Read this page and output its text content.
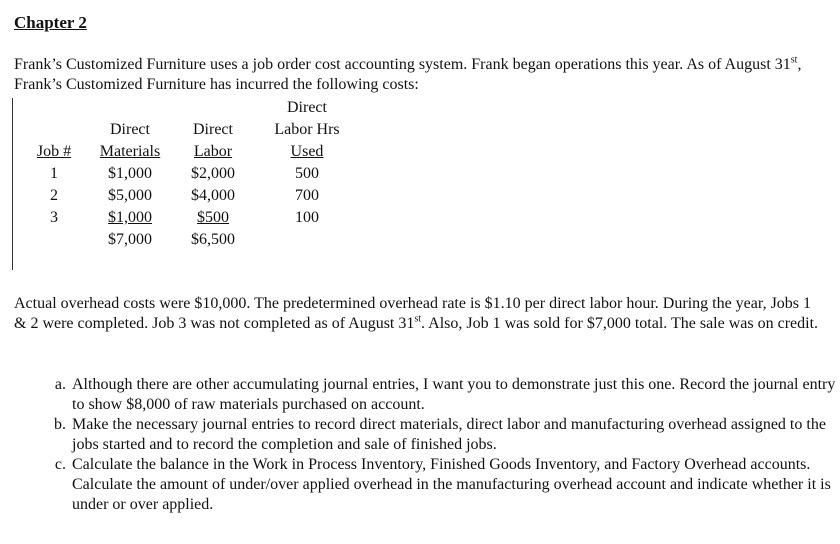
Chapter 2
Frank’s Customized Furniture uses a job order cost accounting system. Frank began operations this year. As of August 31st, Frank’s Customized Furniture has incurred the following costs:
			Direct
	Direct	Direct	Labor Hrs
Job #	Materials	Labor	Used
1	$1,000	$2,000	500
2	$5,000	$4,000	700
3	$1,000	$500	100
	$7,000	$6,500	
Actual overhead costs were $10,000. The predetermined overhead rate is $1.10 per direct labor hour. During the year, Jobs 1 & 2 were completed. Job 3 was not completed as of August 31st. Also, Job 1 was sold for $7,000 total. The sale was on credit.
a. Although there are other accumulating journal entries, I want you to demonstrate just this one. Record the journal entry to show $8,000 of raw materials purchased on account.
b. Make the necessary journal entries to record direct materials, direct labor and manufacturing overhead assigned to the jobs started and to record the completion and sale of finished jobs.
c. Calculate the balance in the Work in Process Inventory, Finished Goods Inventory, and Factory Overhead accounts. Calculate the amount of under/over applied overhead in the manufacturing overhead account and indicate whether it is under or over applied.
